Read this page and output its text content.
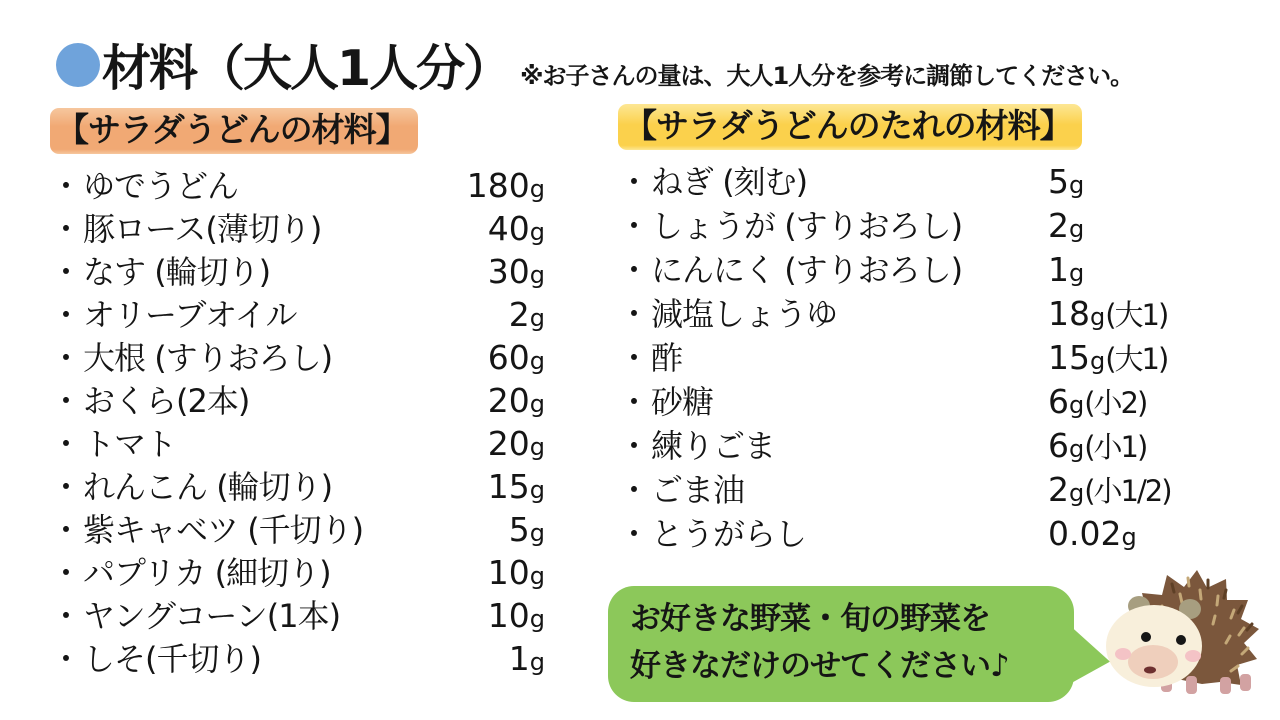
材料（大人1人分） ※お子さんの量は、大人1人分を参考に調節してください。
【サラダうどんの材料】
・ゆでうどん	180g
・豚ロース(薄切り)	40g
・なす (輪切り)	30g
・オリーブオイル	2g
・大根 (すりおろし)	60g
・おくら(2本)	20g
・トマト	20g
・れんこん (輪切り)	15g
・紫キャベツ (千切り)	5g
・パプリカ (細切り)	10g
・ヤングコーン(1本)	10g
・しそ(千切り)	1g
【サラダうどんのたれの材料】
・ねぎ (刻む)	5g
・しょうが (すりおろし)	2g
・にんにく (すりおろし)	1g
・減塩しょうゆ	18g(大1)
・酢	15g(大1)
・砂糖	6g(小2)
・練りごま	6g(小1)
・ごま油	2g(小1/2)
・とうがらし	0.02g
お好きな野菜・旬の野菜を
好きなだけのせてください♪
